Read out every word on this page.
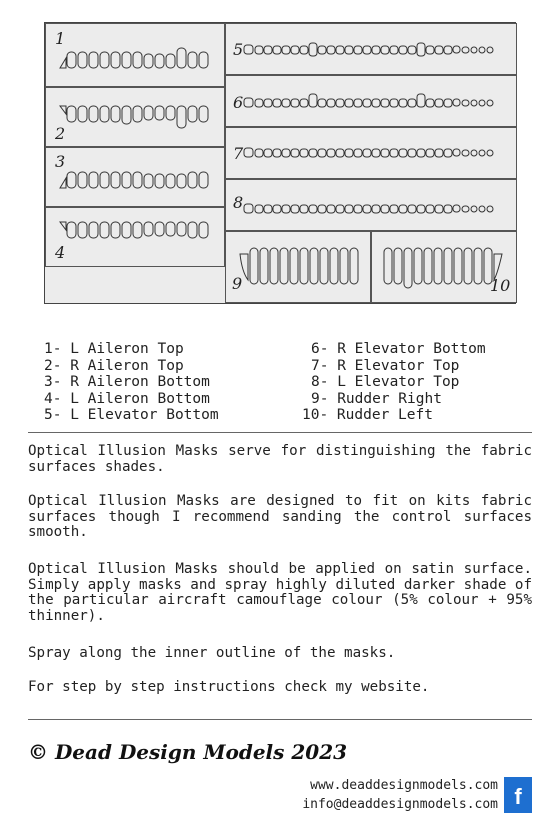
1
2
3
4
5
6
7
8
9	10
1- L Aileron Top
2- R Aileron Top
3- R Aileron Bottom
4- L Aileron Bottom
5- L Elevator Bottom
6- R Elevator Bottom
7- R Elevator Top
8- L Elevator Top
9- Rudder Right
10- Rudder Left
Optical Illusion Masks serve for distinguishing the fabric surfaces shades.
Optical Illusion Masks are designed to fit on kits fabric surfaces though I recommend sanding the control surfaces smooth.
Optical Illusion Masks should be applied on satin surface. Simply apply masks and spray highly diluted darker shade of the particular aircraft camouflage colour (5% colour + 95% thinner).
Spray along the inner outline of the masks.
For step by step instructions check my website.
© Dead Design Models 2023
www.deaddesignmodels.com
info@deaddesignmodels.com f
